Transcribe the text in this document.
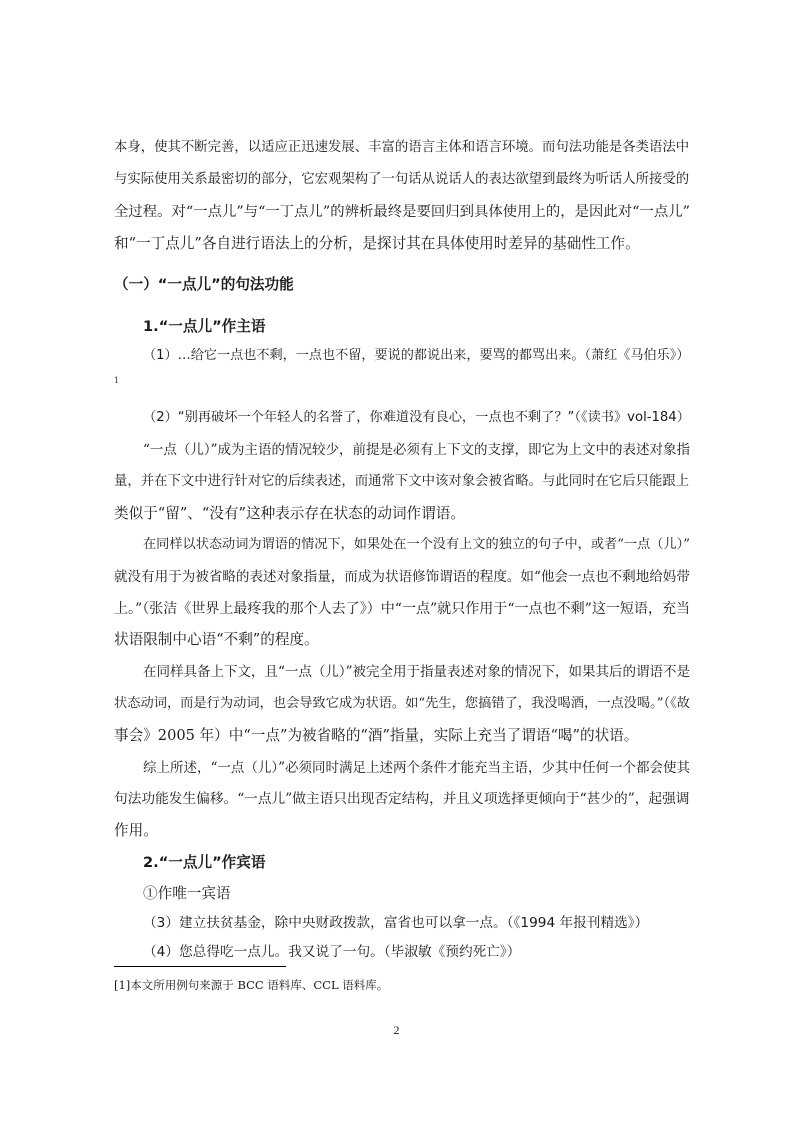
本身，使其不断完善，以适应正迅速发展、丰富的语言主体和语言环境。而句法功能是各类语法中
与实际使用关系最密切的部分，它宏观架构了一句话从说话人的表达欲望到最终为听话人所接受的
全过程。对“一点儿”与“一丁点儿”的辨析最终是要回归到具体使用上的，是因此对“一点儿”
和“一丁点儿”各自进行语法上的分析，是探讨其在具体使用时差异的基础性工作。
（一）“一点儿”的句法功能
1.“一点儿”作主语
（1）…给它一点也不剩，一点也不留，要说的都说出来，要骂的都骂出来。（萧红《马伯乐》）
1
（2）“别再破坏一个年轻人的名誉了，你难道没有良心，一点也不剩了？”（《读书》vol-184）
“一点（儿）”成为主语的情况较少，前提是必须有上下文的支撑，即它为上文中的表述对象指
量，并在下文中进行针对它的后续表述，而通常下文中该对象会被省略。与此同时在它后只能跟上
类似于“留”、“没有”这种表示存在状态的动词作谓语。
在同样以状态动词为谓语的情况下，如果处在一个没有上文的独立的句子中，或者“一点（儿）”
就没有用于为被省略的表述对象指量，而成为状语修饰谓语的程度。如“他会一点也不剩地给妈带
上。”（张洁《世界上最疼我的那个人去了》）中“一点”就只作用于“一点也不剩”这一短语，充当
状语限制中心语“不剩”的程度。
在同样具备上下文，且“一点（儿）”被完全用于指量表述对象的情况下，如果其后的谓语不是
状态动词，而是行为动词，也会导致它成为状语。如“先生，您搞错了，我没喝酒，一点没喝。”（《故
事会》2005 年）中“一点”为被省略的“酒”指量，实际上充当了谓语“喝”的状语。
综上所述，“一点（儿）”必须同时满足上述两个条件才能充当主语，少其中任何一个都会使其
句法功能发生偏移。“一点儿”做主语只出现否定结构，并且义项选择更倾向于“甚少的”，起强调
作用。
2.“一点儿”作宾语
①作唯一宾语
（3）建立扶贫基金，除中央财政拨款，富省也可以拿一点。（《1994 年报刊精选》）
（4）您总得吃一点儿。我又说了一句。（毕淑敏《预约死亡》）
[1]本文所用例句来源于 BCC 语料库、CCL 语料库。
2
